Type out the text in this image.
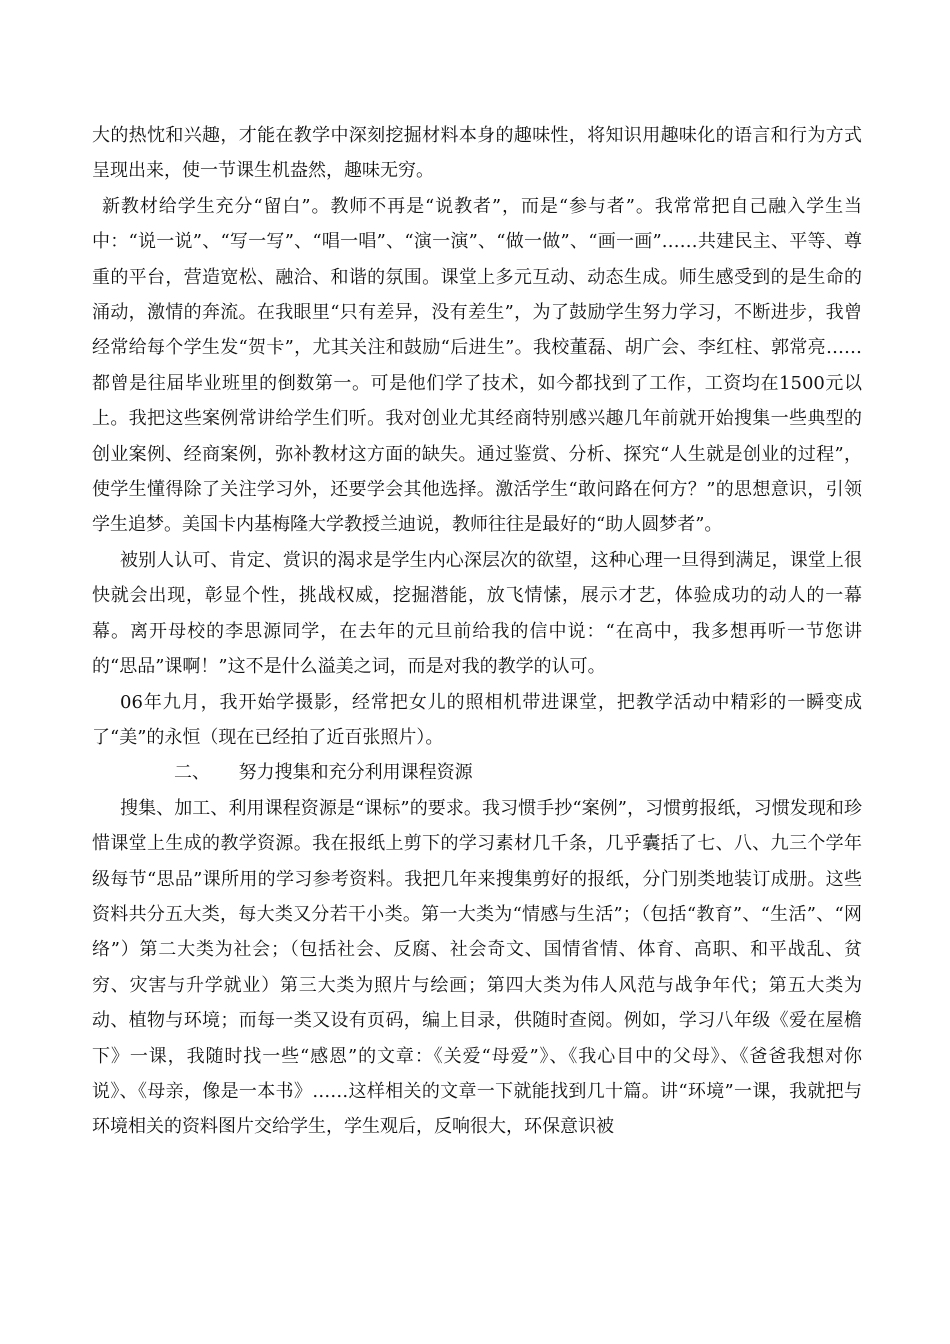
大的热忱和兴趣，才能在教学中深刻挖掘材料本身的趣味性，将知识用趣味化的语言和行为方式呈现出来，使一节课生机盎然，趣味无穷。

新教材给学生充分“留白”。教师不再是“说教者”，而是“参与者”。我常常把自己融入学生当中：“说一说”、“写一写”、“唱一唱”、“演一演”、“做一做”、“画一画”……共建民主、平等、尊重的平台，营造宽松、融洽、和谐的氛围。课堂上多元互动、动态生成。师生感受到的是生命的涌动，激情的奔流。在我眼里“只有差异，没有差生”，为了鼓励学生努力学习，不断进步，我曾经常给每个学生发“贺卡”，尤其关注和鼓励“后进生”。我校董磊、胡广会、李红柱、郭常亮……都曾是往届毕业班里的倒数第一。可是他们学了技术，如今都找到了工作，工资均在1500元以上。我把这些案例常讲给学生们听。我对创业尤其经商特别感兴趣几年前就开始搜集一些典型的创业案例、经商案例，弥补教材这方面的缺失。通过鉴赏、分析、探究“人生就是创业的过程”，使学生懂得除了关注学习外，还要学会其他选择。激活学生“敢问路在何方？”的思想意识，引领学生追梦。美国卡内基梅隆大学教授兰迪说，教师往往是最好的“助人圆梦者”。

被别人认可、肯定、赏识的渴求是学生内心深层次的欲望，这种心理一旦得到满足，课堂上很快就会出现，彰显个性，挑战权威，挖掘潜能，放飞情愫，展示才艺，体验成功的动人的一幕幕。离开母校的李思源同学，在去年的元旦前给我的信中说：“在高中，我多想再听一节您讲的“思品”课啊！”这不是什么溢美之词，而是对我的教学的认可。

06年九月，我开始学摄影，经常把女儿的照相机带进课堂，把教学活动中精彩的一瞬变成了“美”的永恒（现在已经拍了近百张照片）。

二、     努力搜集和充分利用课程资源

搜集、加工、利用课程资源是“课标”的要求。我习惯手抄“案例”，习惯剪报纸，习惯发现和珍惜课堂上生成的教学资源。我在报纸上剪下的学习素材几千条，几乎囊括了七、八、九三个学年级每节“思品”课所用的学习参考资料。我把几年来搜集剪好的报纸，分门别类地装订成册。这些资料共分五大类，每大类又分若干小类。第一大类为“情感与生活”；（包括“教育”、“生活”、“网络”）第二大类为社会；（包括社会、反腐、社会奇文、国情省情、体育、高职、和平战乱、贫穷、灾害与升学就业）第三大类为照片与绘画；第四大类为伟人风范与战争年代；第五大类为动、植物与环境；而每一类又设有页码，编上目录，供随时查阅。例如，学习八年级《爱在屋檐下》一课，我随时找一些“感恩”的文章：《关爱“母爱”》、《我心目中的父母》、《爸爸我想对你说》、《母亲，像是一本书》……这样相关的文章一下就能找到几十篇。讲“环境”一课，我就把与环境相关的资料图片交给学生，学生观后，反响很大，环保意识被
